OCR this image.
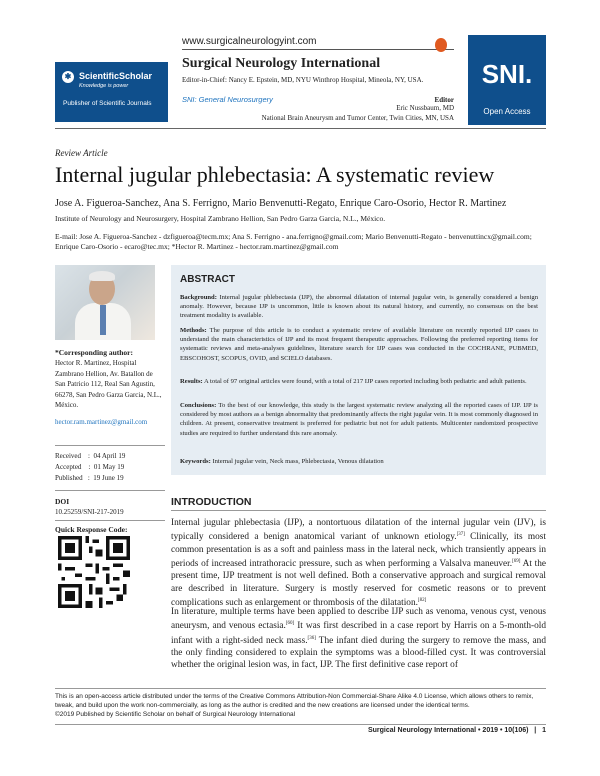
✱ ScientificScholar
Knowledge is power
Publisher of Scientific Journals
www.surgicalneurologyint.com
Surgical Neurology International
Editor-in-Chief: Nancy E. Epstein, MD, NYU Winthrop Hospital, Mineola, NY, USA.
SNI: General Neurosurgery	Editor
Eric Nussbaum, MD
National Brain Aneurysm and Tumor Center, Twin Cities, MN, USA
SNI.
Open Access
Review Article
Internal jugular phlebectasia: A systematic review
Jose A. Figueroa-Sanchez, Ana S. Ferrigno, Mario Benvenutti-Regato, Enrique Caro-Osorio, Hector R. Martinez
Institute of Neurology and Neurosurgery, Hospital Zambrano Hellion, San Pedro Garza Garcia, N.L., México.
E-mail: Jose A. Figueroa-Sanchez - dzfigueroa@tecm.mx; Ana S. Ferrigno - ana.ferrigno@gmail.com; Mario Benvenutti-Regato - benvenuttincx@gmail.com; Enrique Caro-Osorio - ecaro@tec.mx; *Hector R. Martinez - hector.ram.martinez@gmail.com
*Corresponding author:
Hector R. Martinez, Hospital Zambrano Hellion, Av. Batallon de San Patricio 112, Real San Agustin, 66278, San Pedro Garza Garcia, N.L., México.
hector.ram.martinez@gmail.com
Received    :  04 April 19
Accepted    :  01 May 19
Published   :  19 June 19
DOI
10.25259/SNI-217-2019
Quick Response Code:
ABSTRACT
Background: Internal jugular phlebectasia (IJP), the abnormal dilatation of internal jugular vein, is generally considered a benign anomaly. However, because IJP is uncommon, little is known about its natural history, and currently, no consensus on the best treatment modality is available.
Methods: The purpose of this article is to conduct a systematic review of available literature on recently reported IJP cases to understand the main characteristics of IJP and its most frequent therapeutic approaches. Following the preferred reporting items for systematic reviews and meta-analyses guidelines, literature search for IJP cases was conducted in the COCHRANE, PUBMED, EBSCOHOST, SCOPUS, OVID, and SCIELO databases.
Results: A total of 97 original articles were found, with a total of 217 IJP cases reported including both pediatric and adult patients.
Conclusions: To the best of our knowledge, this study is the largest systematic review analyzing all the reported cases of IJP. IJP is considered by most authors as a benign abnormality that predominantly affects the right jugular vein. It is most commonly diagnosed in children. At present, conservative treatment is preferred for pediatric but not for adult patients. Multicenter randomized prospective studies are required to further understand this rare anomaly.
Keywords: Internal jugular vein, Neck mass, Phlebectasia, Venous dilatation
INTRODUCTION
Internal jugular phlebectasia (IJP), a nontortuous dilatation of the internal jugular vein (IJV), is typically considered a benign anatomical variant of unknown etiology.[37] Clinically, its most common presentation is as a soft and painless mass in the lateral neck, which transiently appears in periods of increased intrathoracic pressure, such as when performing a Valsalva maneuver.[69] At the present time, IJP treatment is not well defined. Both a conservative approach and surgical removal are described in literature. Surgery is mostly reserved for cosmetic reasons or to prevent complications such as enlargement or thrombosis of the dilatation.[82]
In literature, multiple terms have been applied to describe IJP such as venoma, venous cyst, venous aneurysm, and venous ectasia.[60] It was first described in a case report by Harris on a 5-month-old infant with a right-sided neck mass.[36] The infant died during the surgery to remove the mass, and the only finding considered to explain the symptoms was a blood-filled cyst. It was controversial whether the original lesion was, in fact, IJP. The first definitive case report of
This is an open-access article distributed under the terms of the Creative Commons Attribution-Non Commercial-Share Alike 4.0 License, which allows others to remix, tweak, and build upon the work non-commercially, as long as the author is credited and the new creations are licensed under the identical terms.
©2019 Published by Scientific Scholar on behalf of Surgical Neurology International
Surgical Neurology International • 2019 • 10(106)   |   1
